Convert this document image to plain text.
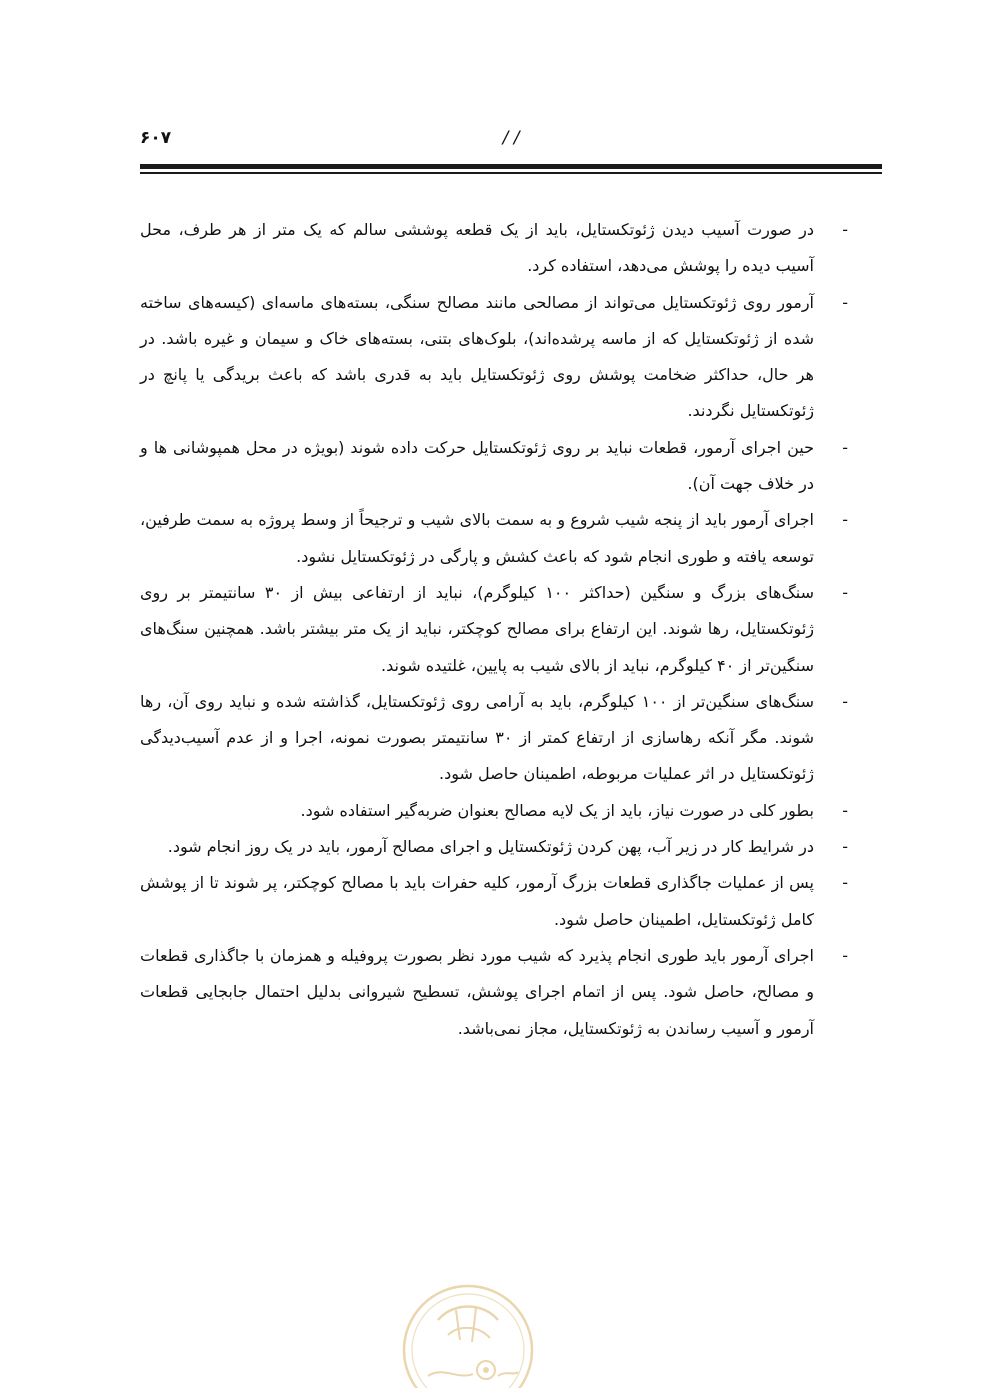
۶۰۷	/ /
-
در صورت آسیب دیدن ژئوتکستایل، باید از یک قطعه پوششی سالم که یک متر از هر طرف، محل آسیب دیده را پوشش می‌دهد، استفاده کرد.
-
آرمور روی ژئوتکستایل می‌تواند از مصالحی مانند مصالح سنگی، بسته‌های ماسه‌ای (کیسه‌های ساخته شده از ژئوتکستایل که از ماسه پرشده‌اند)، بلوک‌های بتنی، بسته‌های خاک و سیمان و غیره باشد. در هر حال، حداکثر ضخامت پوشش روی ژئوتکستایل باید به قدری باشد که باعث بریدگی یا پانچ در ژئوتکستایل نگردند.
-
حین اجرای آرمور، قطعات نباید بر روی ژئوتکستایل حرکت داده شوند (بویژه در محل همپوشانی ها و در خلاف جهت آن).
-
اجرای آرمور باید از پنجه شیب شروع و به سمت بالای شیب و ترجیحاً از وسط پروژه به سمت طرفین، توسعه یافته و طوری انجام شود که باعث کشش و پارگی در ژئوتکستایل نشود.
-
سنگ‌های بزرگ و سنگین (حداکثر ۱۰۰ کیلوگرم)، نباید از ارتفاعی بیش از ۳۰ سانتیمتر بر روی ژئوتکستایل، رها شوند. این ارتفاع برای مصالح کوچکتر، نباید از یک متر بیشتر باشد. همچنین سنگ‌های سنگین‌تر از ۴۰ کیلوگرم، نباید از بالای شیب به پایین، غلتیده شوند.
-
سنگ‌های سنگین‌تر از ۱۰۰ کیلوگرم، باید به آرامی روی ژئوتکستایل، گذاشته شده و نباید روی آن، رها شوند. مگر آنکه رهاسازی از ارتفاع کمتر از ۳۰ سانتیمتر بصورت نمونه، اجرا و از عدم آسیب‌دیدگی ژئوتکستایل در اثر عملیات مربوطه، اطمینان حاصل شود.
-
بطور کلی در صورت نیاز، باید از یک لایه مصالح بعنوان ضربه‌گیر استفاده شود.
-
در شرایط کار در زیر آب، پهن کردن ژئوتکستایل و اجرای مصالح آرمور، باید در یک روز انجام شود.
-
پس از عملیات جاگذاری قطعات بزرگ آرمور، کلیه حفرات باید با مصالح کوچکتر، پر شوند تا از پوشش کامل ژئوتکستایل، اطمینان حاصل شود.
-
اجرای آرمور باید طوری انجام پذیرد که شیب مورد نظر بصورت پروفیله و همزمان با جاگذاری قطعات و مصالح، حاصل شود. پس از اتمام اجرای پوشش، تسطیح شیروانی بدلیل احتمال جابجایی قطعات آرمور و آسیب رساندن به ژئوتکستایل، مجاز نمی‌باشد.
